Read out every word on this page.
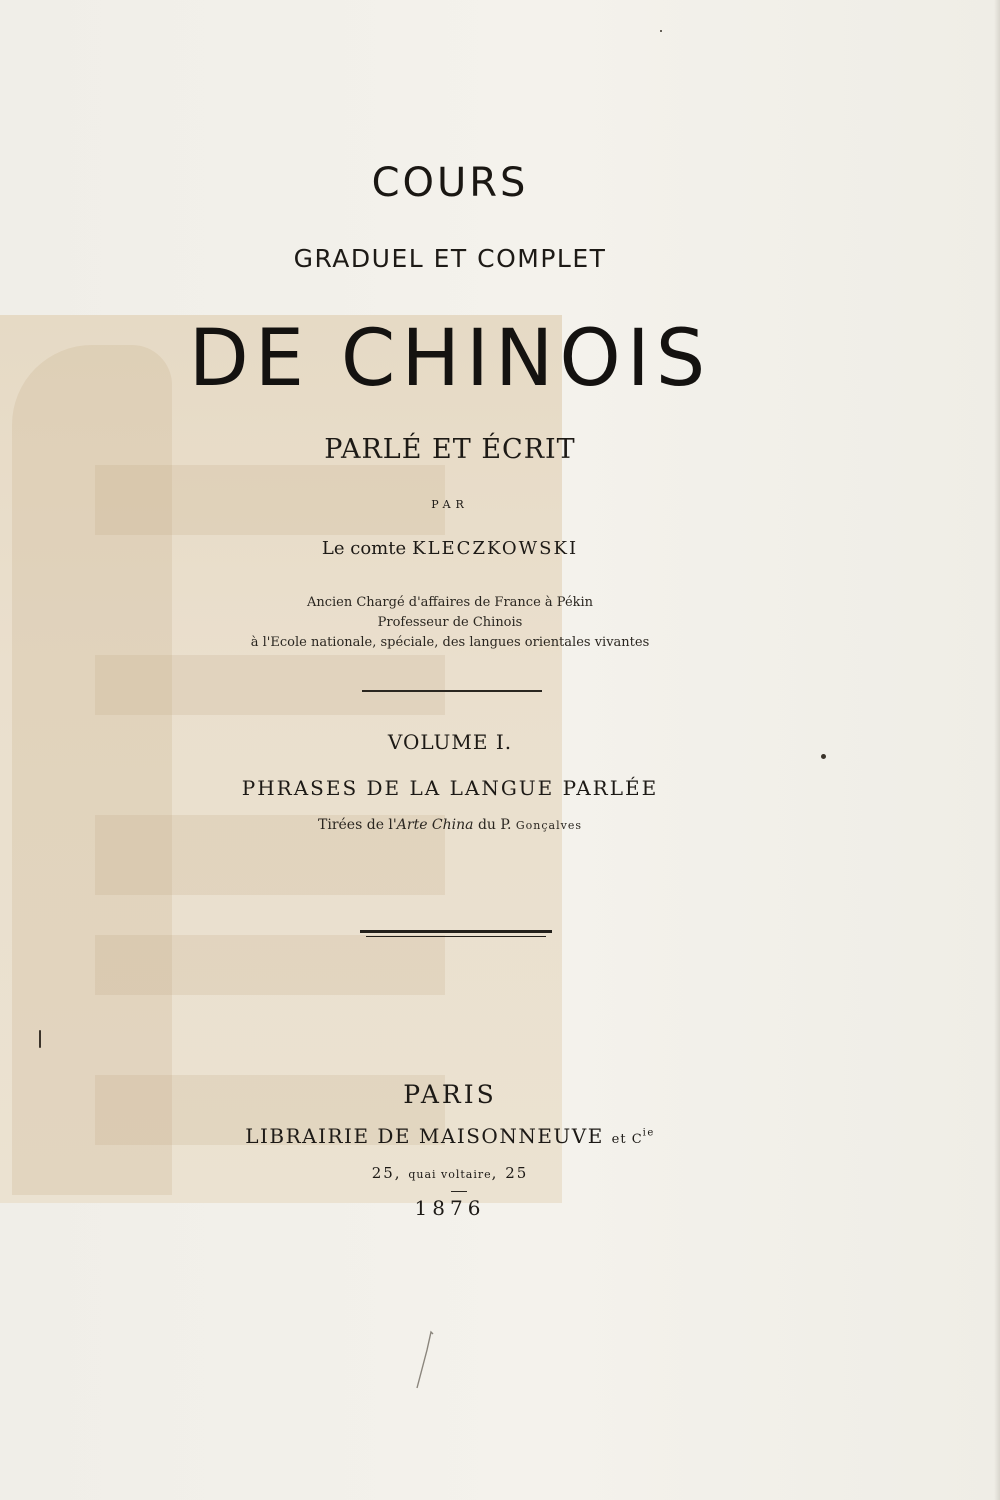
COURS
GRADUEL ET COMPLET
DE CHINOIS
PARLÉ ET ÉCRIT
PAR
Le comte KLECZKOWSKI
Ancien Chargé d'affaires de France à Pékin
Professeur de Chinois
à l'Ecole nationale, spéciale, des langues orientales vivantes
VOLUME I.
PHRASES DE LA LANGUE PARLÉE
Tirées de l'Arte China du P. Gonçalves
PARIS
LIBRAIRIE DE MAISONNEUVE et $C^{ie}$
25, quai voltaire, 25
1876
